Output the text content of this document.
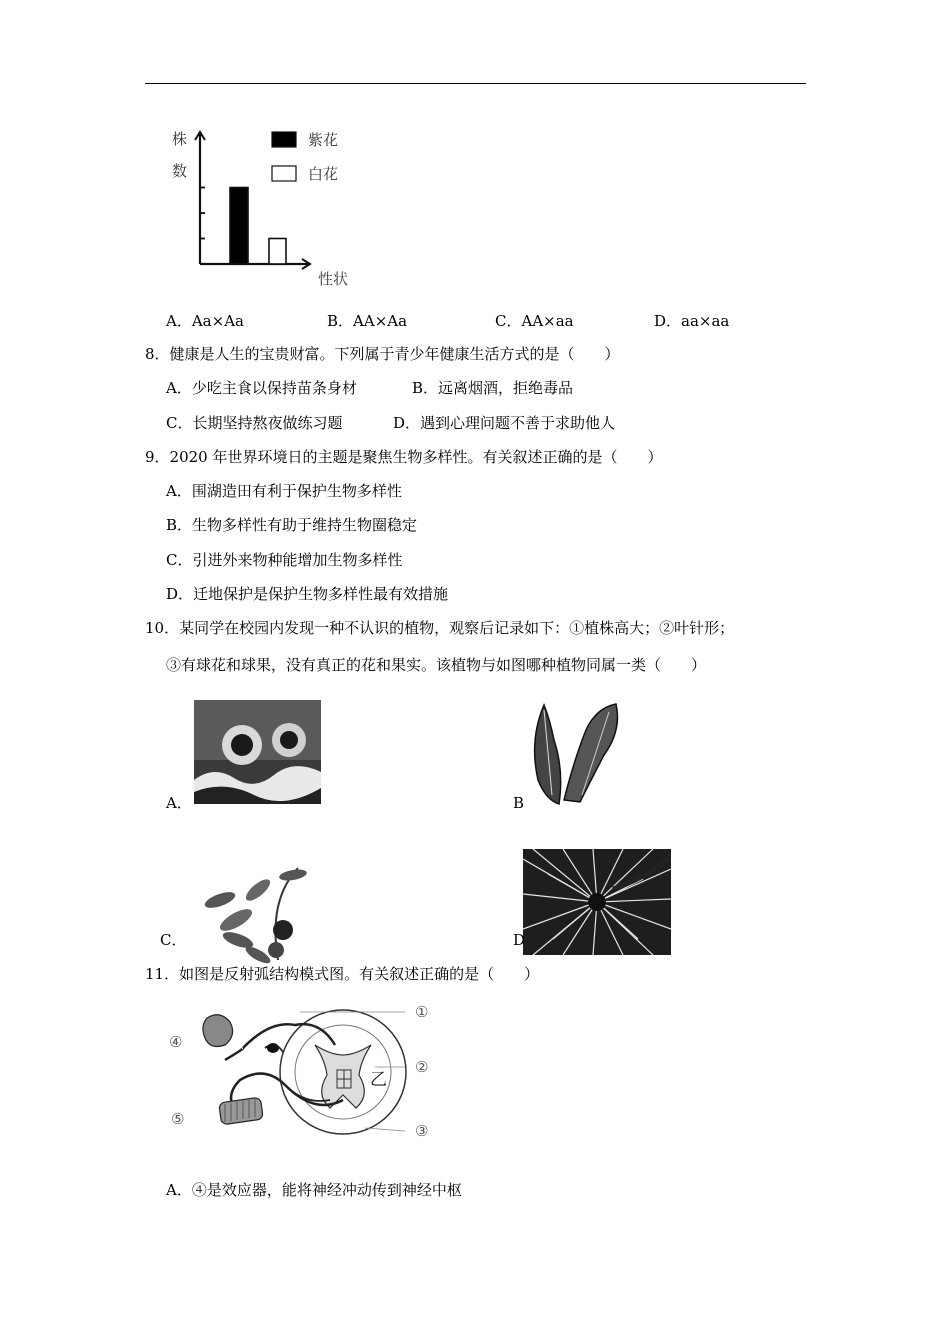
株
数
性状
紫花
白花
A．Aa×Aa	B．AA×Aa	C．AA×aa	D．aa×aa
8．健康是人生的宝贵财富。下列属于青少年健康生活方式的是（　　）
A．少吃主食以保持苗条身材	B．远离烟酒，拒绝毒品
C．长期坚持熬夜做练习题	D．遇到心理问题不善于求助他人
9．2020 年世界环境日的主题是聚焦生物多样性。有关叙述正确的是（　　）
A．围湖造田有利于保护生物多样性
B．生物多样性有助于维持生物圈稳定
C．引进外来物种能增加生物多样性
D．迁地保护是保护生物多样性最有效措施
10．某同学在校园内发现一种不认识的植物，观察后记录如下：①植株高大；②叶针形；
③有球花和球果，没有真正的花和果实。该植物与如图哪种植物同属一类（　　）
A．	B
C．	D
11．如图是反射弧结构模式图。有关叙述正确的是（　　）
①
②
③
④
⑤
乙
A．④是效应器，能将神经冲动传到神经中枢
